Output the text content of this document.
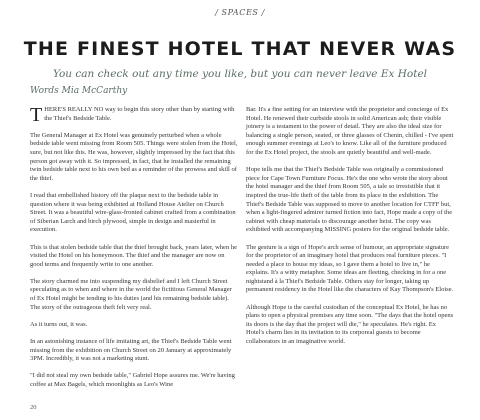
/ SPACES /
THE FINEST HOTEL THAT NEVER WAS
You can check out any time you like, but you can never leave Ex Hotel
Words Mia McCarthy

THERE'S REALLY NO way to begin this story other than by starting with the Thief's Bedside Table.

The General Manager at Ex Hotel was genuinely perturbed when a whole bedside table went missing from Room 505. Things were stolen from the Hotel, sure, but not like this. He was, however, slightly impressed by the fact that this person got away with it. So impressed, in fact, that he installed the remaining twin bedside table next to his own bed as a reminder of the prowess and skill of the thief.

I read that embellished history off the plaque next to the bedside table in question where it was being exhibited at Holland House Atelier on Church Street. It was a beautiful wire-glass-fronted cabinet crafted from a combination of Siberian Larch and birch plywood, simple in design and masterful in execution.

This is that stolen bedside table that the thief brought back, years later, when he visited the Hotel on his honeymoon. The thief and the manager are now on good terms and frequently write to one another.

The story charmed me into suspending my disbelief and I left Church Street speculating as to when and where in the world the fictitious General Manager of Ex Hotel might be tending to his duties (and his remaining bedside table). The story of the outrageous theft felt very real.

As it turns out, it was.

In an astonishing instance of life imitating art, the Thief's Bedside Table went missing from the exhibition on Church Street on 20 January at approximately 3PM. Incredibly, it was not a marketing stunt.

"I did not steal my own bedside table," Gabriel Hope assures me. We're having coffee at Max Bagels, which moonlights as Leo's Wine

Bar. It's a fine setting for an interview with the proprietor and concierge of Ex Hotel. He renewed their curbside stools in solid American ash; their visible joinery is a testament to the power of detail. They are also the ideal size for balancing a single person, seated, or three glasses of Chenin, chilled - I've spent enough summer evenings at Leo's to know. Like all of the furniture produced for the Ex Hotel project, the stools are quietly beautiful and well-made.

Hope tells me that the Thief's Bedside Table was originally a commissioned piece for Cape Town Furniture Focus. He's the one who wrote the story about the hotel manager and the thief from Room 505, a tale so irresistible that it inspired the true-life theft of the table from its place in the exhibition. The Thief's Bedside Table was supposed to move to another location for CTFF but, when a light-fingered admirer turned fiction into fact, Hope made a copy of the cabinet with cheap materials to discourage another heist. The copy was exhibited with accompanying MISSING posters for the original bedside table.

The gesture is a sign of Hope's arch sense of humour, an appropriate signature for the proprietor of an imaginary hotel that produces real furniture pieces. "I needed a place to house my ideas, so I gave them a hotel to live in," he explains. It's a witty metaphor. Some ideas are fleeting, checking in for a one nightstand à la Thief's Bedside Table. Others stay for longer, taking up permanent residency in the Hotel like the characters of Kay Thompson's Eloise.

Although Hope is the careful custodian of the conceptual Ex Hotel, he has no plans to open a physical premises any time soon. "The days that the hotel opens its doors is the day that the project will die," he speculates. He's right. Ex Hotel's charm lies in its invitation to its corporeal guests to become collaborators in an imaginative world.

20
